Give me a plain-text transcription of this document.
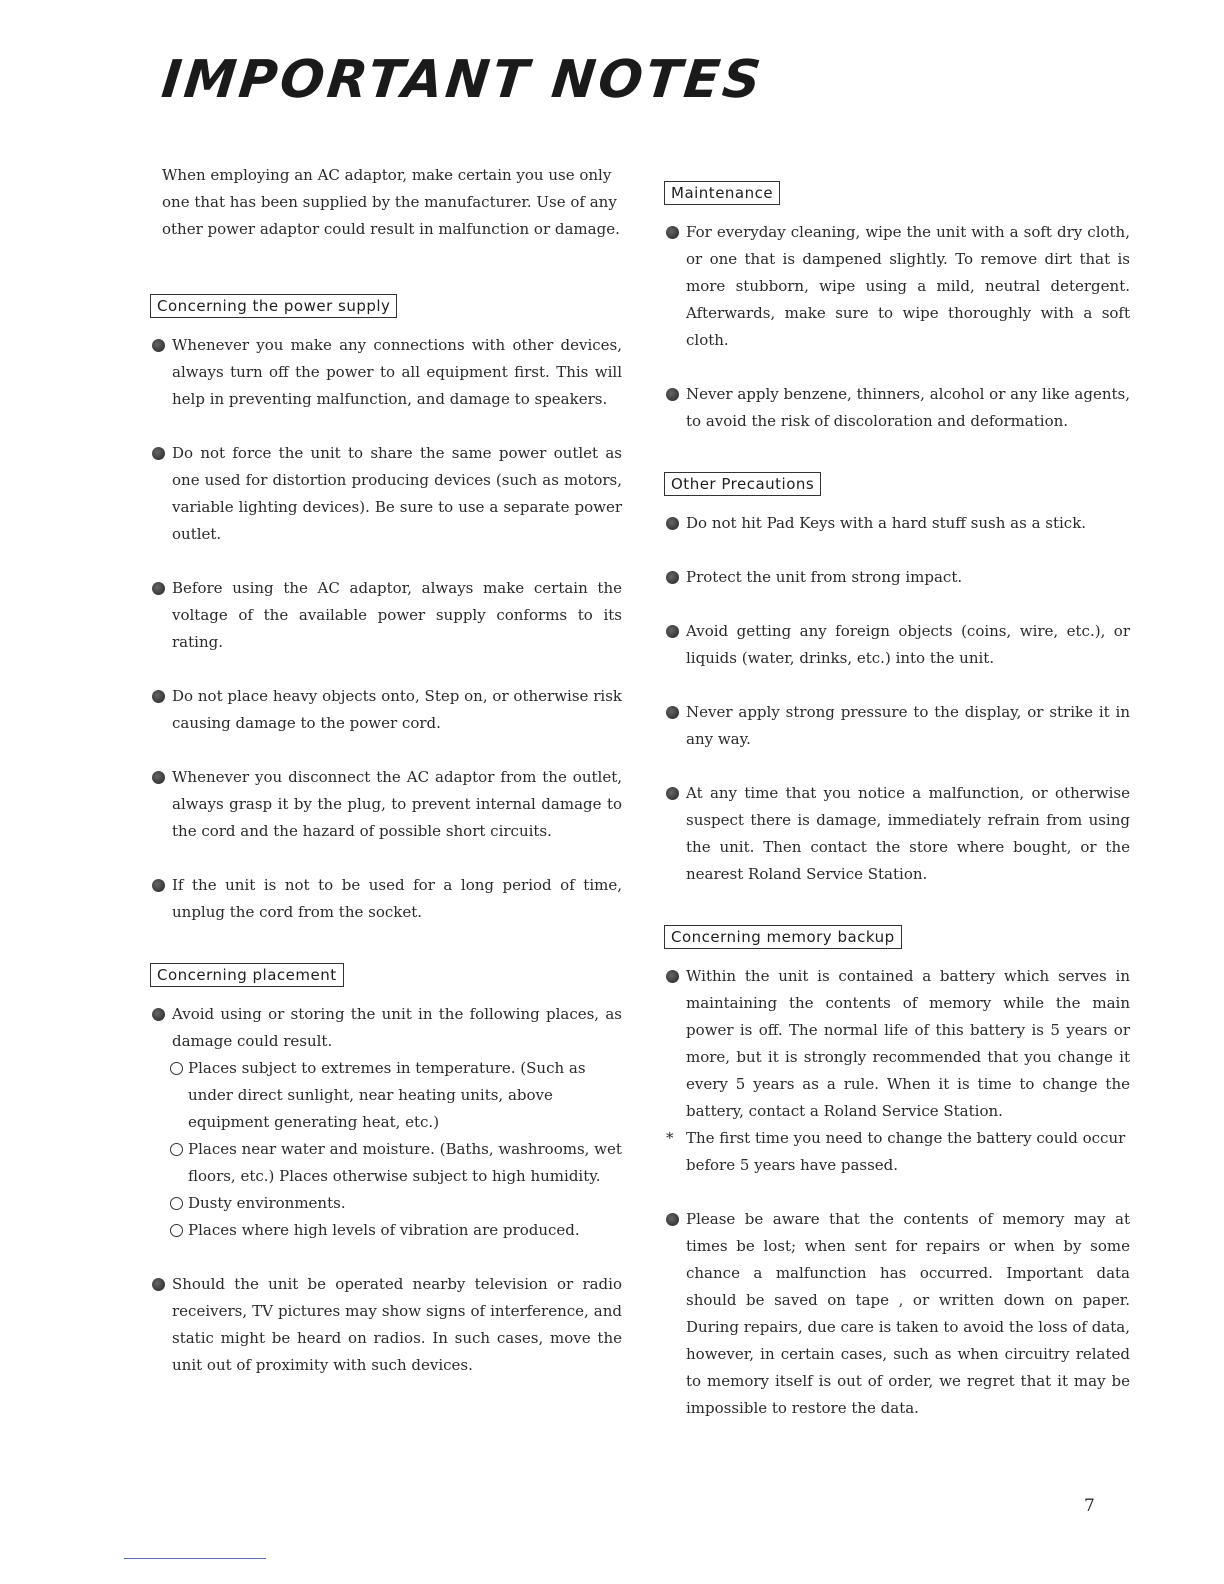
IMPORTANT NOTES

When employing an AC adaptor, make certain you use only one that has been supplied by the manufacturer. Use of any other power adaptor could result in malfunction or damage.

Concerning the power supply

Whenever you make any connections with other devices, always turn off the power to all equipment first. This will help in preventing malfunction, and damage to speakers.

Do not force the unit to share the same power outlet as one used for distortion producing devices (such as motors, variable lighting devices). Be sure to use a separate power outlet.

Before using the AC adaptor, always make certain the voltage of the available power supply conforms to its rating.

Do not place heavy objects onto, Step on, or otherwise risk causing damage to the power cord.

Whenever you disconnect the AC adaptor from the outlet, always grasp it by the plug, to prevent internal damage to the cord and the hazard of possible short circuits.

If the unit is not to be used for a long period of time, unplug the cord from the socket.

Concerning placement

Avoid using or storing the unit in the following places, as damage could result.

Places subject to extremes in temperature. (Such as under direct sunlight, near heating units, above equipment generating heat, etc.)

Places near water and moisture. (Baths, washrooms, wet floors, etc.) Places otherwise subject to high humidity.

Dusty environments.

Places where high levels of vibration are produced.

Should the unit be operated nearby television or radio receivers, TV pictures may show signs of interference, and static might be heard on radios. In such cases, move the unit out of proximity with such devices.

Maintenance

For everyday cleaning, wipe the unit with a soft dry cloth, or one that is dampened slightly. To remove dirt that is more stubborn, wipe using a mild, neutral detergent. Afterwards, make sure to wipe thoroughly with a soft cloth.

Never apply benzene, thinners, alcohol or any like agents, to avoid the risk of discoloration and deformation.

Other Precautions

Do not hit Pad Keys with a hard stuff sush as a stick.

Protect the unit from strong impact.

Avoid getting any foreign objects (coins, wire, etc.), or liquids (water, drinks, etc.) into the unit.

Never apply strong pressure to the display, or strike it in any way.

At any time that you notice a malfunction, or otherwise suspect there is damage, immediately refrain from using the unit. Then contact the store where bought, or the nearest Roland Service Station.

Concerning memory backup

Within the unit is contained a battery which serves in maintaining the contents of memory while the main power is off. The normal life of this battery is 5 years or more, but it is strongly recommended that you change it every 5 years as a rule. When it is time to change the battery, contact a Roland Service Station.

* The first time you need to change the battery could occur before 5 years have passed.

Please be aware that the contents of memory may at times be lost; when sent for repairs or when by some chance a malfunction has occurred. Important data should be saved on tape , or written down on paper. During repairs, due care is taken to avoid the loss of data, however, in certain cases, such as when circuitry related to memory itself is out of order, we regret that it may be impossible to restore the data.

7
